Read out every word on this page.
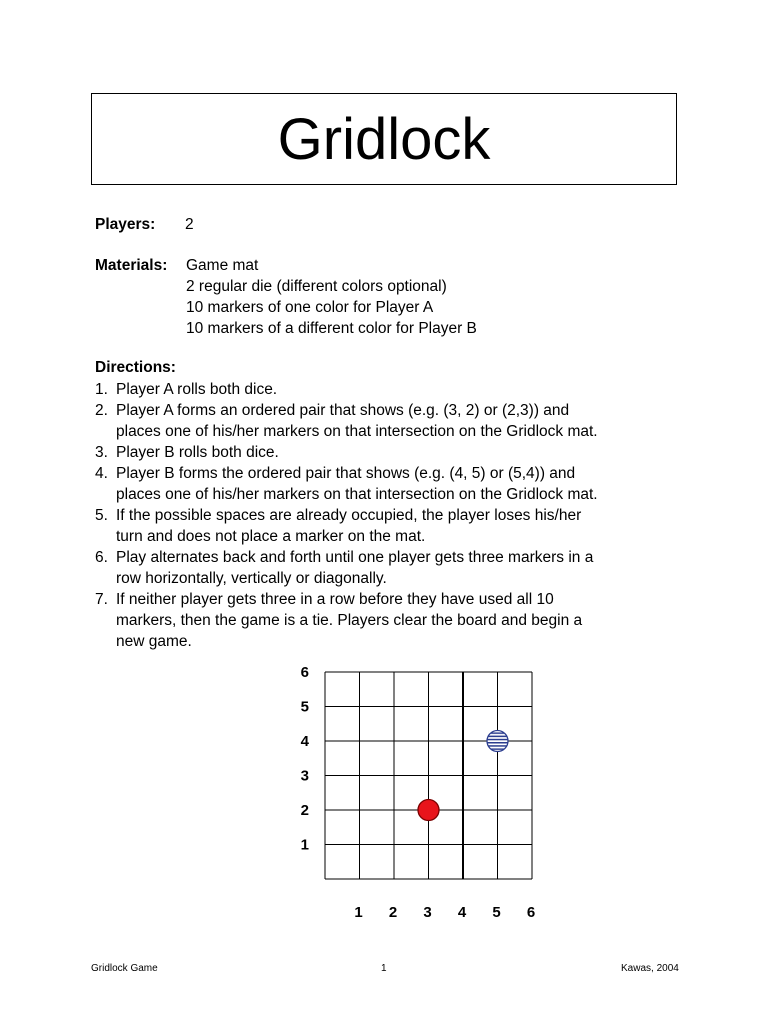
Gridlock
Players: 2
Materials: Game mat
2 regular die (different colors optional)
10 markers of one color for Player A
10 markers of a different color for Player B
Directions:
1. Player A rolls both dice.
2. Player A forms an ordered pair that shows (e.g. (3, 2) or (2,3)) and
places one of his/her markers on that intersection on the Gridlock mat.
3. Player B rolls both dice.
4. Player B forms the ordered pair that shows (e.g. (4, 5) or (5,4)) and
places one of his/her markers on that intersection on the Gridlock mat.
5. If the possible spaces are already occupied, the player loses his/her
turn and does not place a marker on the mat.
6. Play alternates back and forth until one player gets three markers in a
row horizontally, vertically or diagonally.
7. If neither player gets three in a row before they have used all 10
markers, then the game is a tie. Players clear the board and begin a
new game.
1
2
3
4
5
6
1 2 3 4 5 6
Gridlock Game	1	Kawas, 2004
